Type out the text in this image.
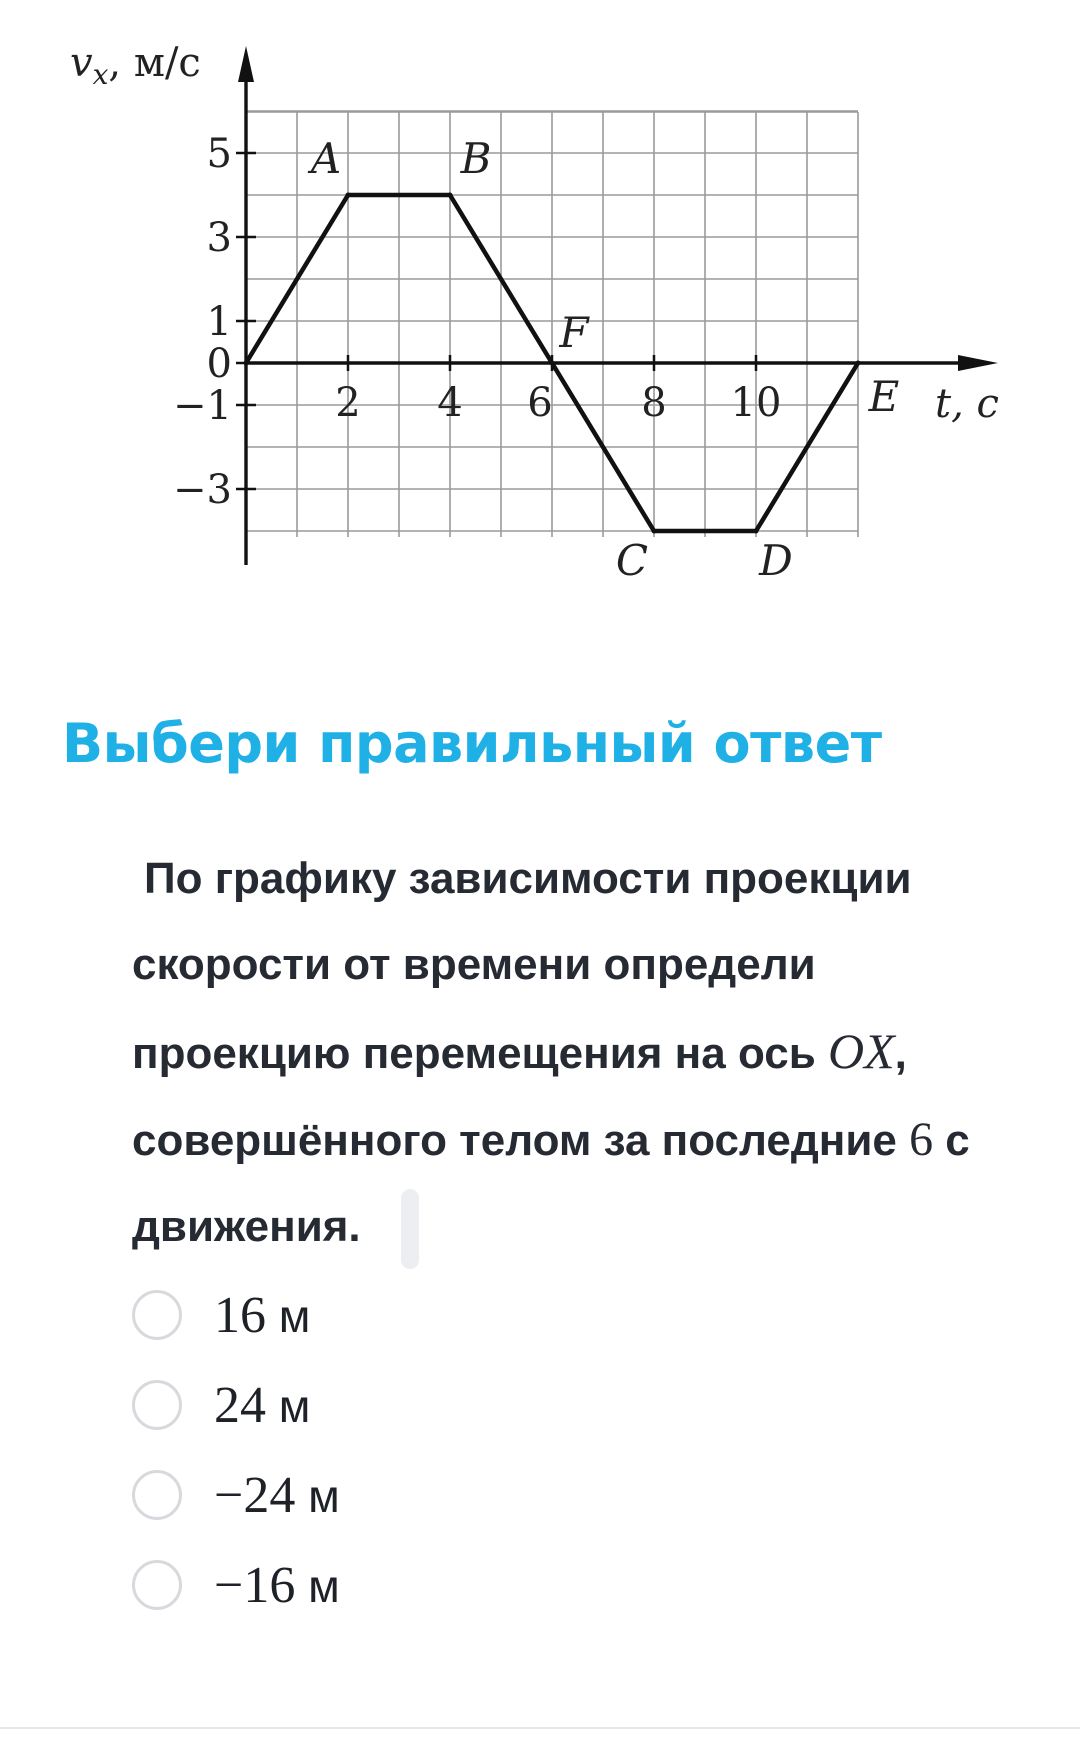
2 4 6 8 10
5
3
1
0
−1
−3
A	B
F
C	D
E
$v_x$, м/с
t, с
Выбери правильный ответ
По графику зависимости проекции
скорости от времени определи
проекцию перемещения на ось OX,
совершённого телом за последние 6 с
движения.
16 м
24 м
−24 м
−16 м
